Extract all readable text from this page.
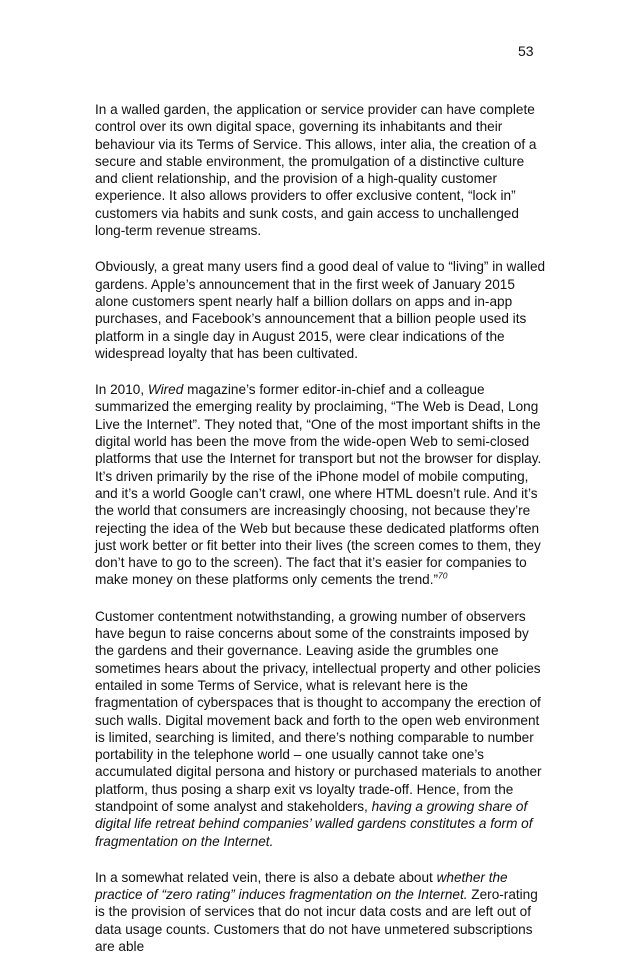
53

In a walled garden, the application or service provider can have complete control over its own digital space, governing its inhabitants and their behaviour via its Terms of Service. This allows, inter alia, the creation of a secure and stable environment, the promulgation of a distinctive culture and client relationship, and the provision of a high-quality customer experience. It also allows providers to offer exclusive content, “lock in” customers via habits and sunk costs, and gain access to unchallenged long-term revenue streams.

Obviously, a great many users find a good deal of value to “living” in walled gardens. Apple’s announcement that in the first week of January 2015 alone customers spent nearly half a billion dollars on apps and in-app purchases, and Facebook’s announcement that a billion people used its platform in a single day in August 2015, were clear indications of the widespread loyalty that has been cultivated.

In 2010, Wired magazine’s former editor-in-chief and a colleague summarized the emerging reality by proclaiming, “The Web is Dead, Long Live the Internet”. They noted that, “One of the most important shifts in the digital world has been the move from the wide-open Web to semi-closed platforms that use the Internet for transport but not the browser for display. It’s driven primarily by the rise of the iPhone model of mobile computing, and it’s a world Google can’t crawl, one where HTML doesn’t rule. And it’s the world that consumers are increasingly choosing, not because they’re rejecting the idea of the Web but because these dedicated platforms often just work better or fit better into their lives (the screen comes to them, they don’t have to go to the screen). The fact that it’s easier for companies to make money on these platforms only cements the trend.”$^{70}$

Customer contentment notwithstanding, a growing number of observers have begun to raise concerns about some of the constraints imposed by the gardens and their governance. Leaving aside the grumbles one sometimes hears about the privacy, intellectual property and other policies entailed in some Terms of Service, what is relevant here is the fragmentation of cyberspaces that is thought to accompany the erection of such walls. Digital movement back and forth to the open web environment is limited, searching is limited, and there’s nothing comparable to number portability in the telephone world – one usually cannot take one’s accumulated digital persona and history or purchased materials to another platform, thus posing a sharp exit vs loyalty trade-off. Hence, from the standpoint of some analyst and stakeholders, having a growing share of digital life retreat behind companies’ walled gardens constitutes a form of fragmentation on the Internet.

In a somewhat related vein, there is also a debate about whether the practice of “zero rating” induces fragmentation on the Internet. Zero-rating is the provision of services that do not incur data costs and are left out of data usage counts. Customers that do not have unmetered subscriptions are able
